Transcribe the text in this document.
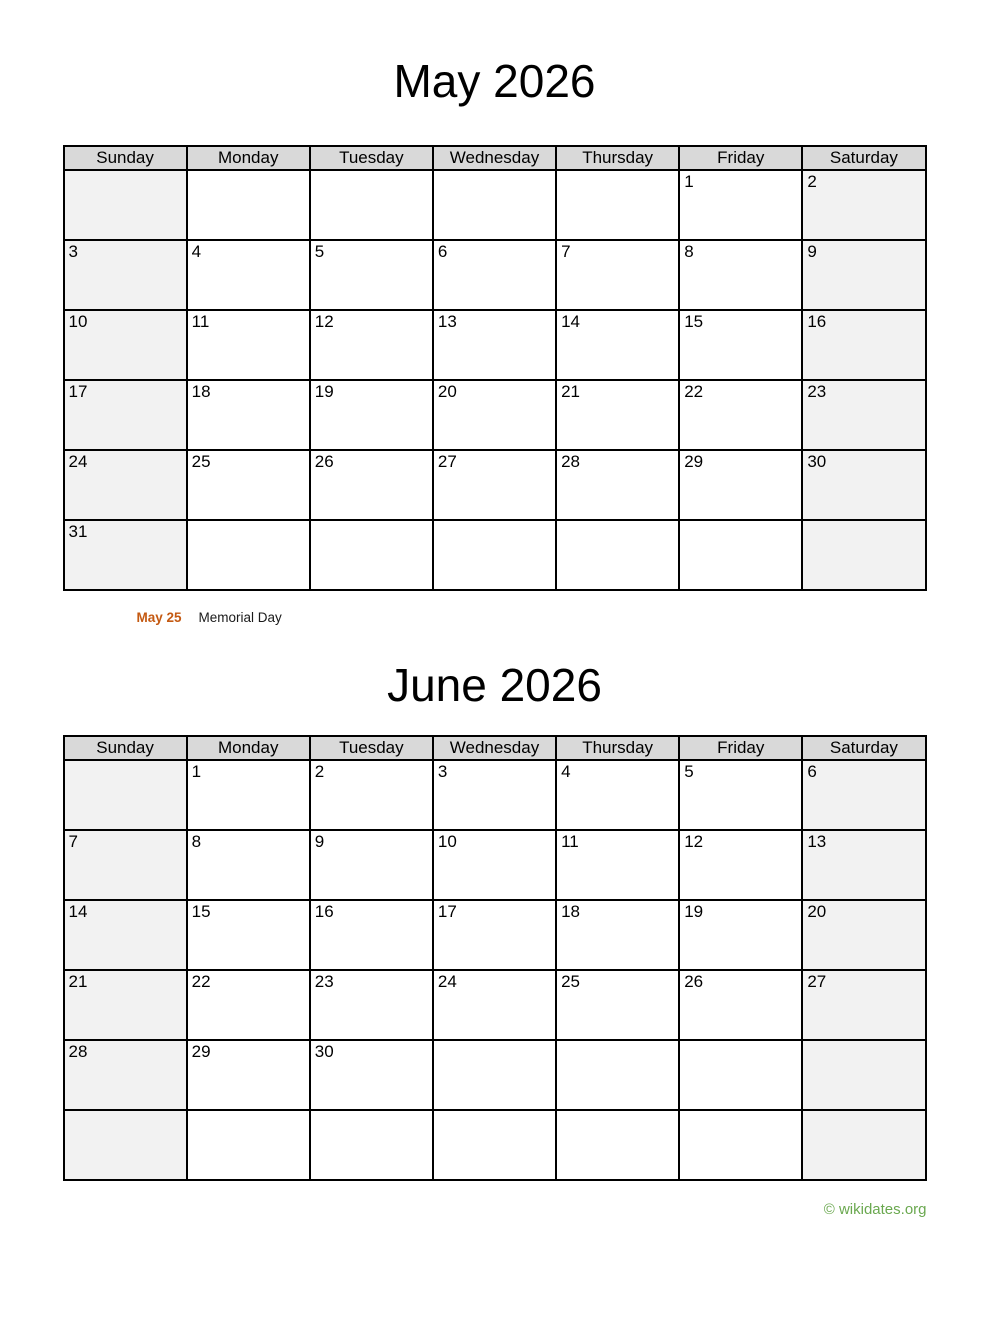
May 2026
Sunday	Monday	Tuesday	Wednesday	Thursday	Friday	Saturday
					1	2
3	4	5	6	7	8	9
10	11	12	13	14	15	16
17	18	19	20	21	22	23
24	25	26	27	28	29	30
31						
May 25 Memorial Day
June 2026
Sunday	Monday	Tuesday	Wednesday	Thursday	Friday	Saturday
	1	2	3	4	5	6
7	8	9	10	11	12	13
14	15	16	17	18	19	20
21	22	23	24	25	26	27
28	29	30				

© wikidates.org
